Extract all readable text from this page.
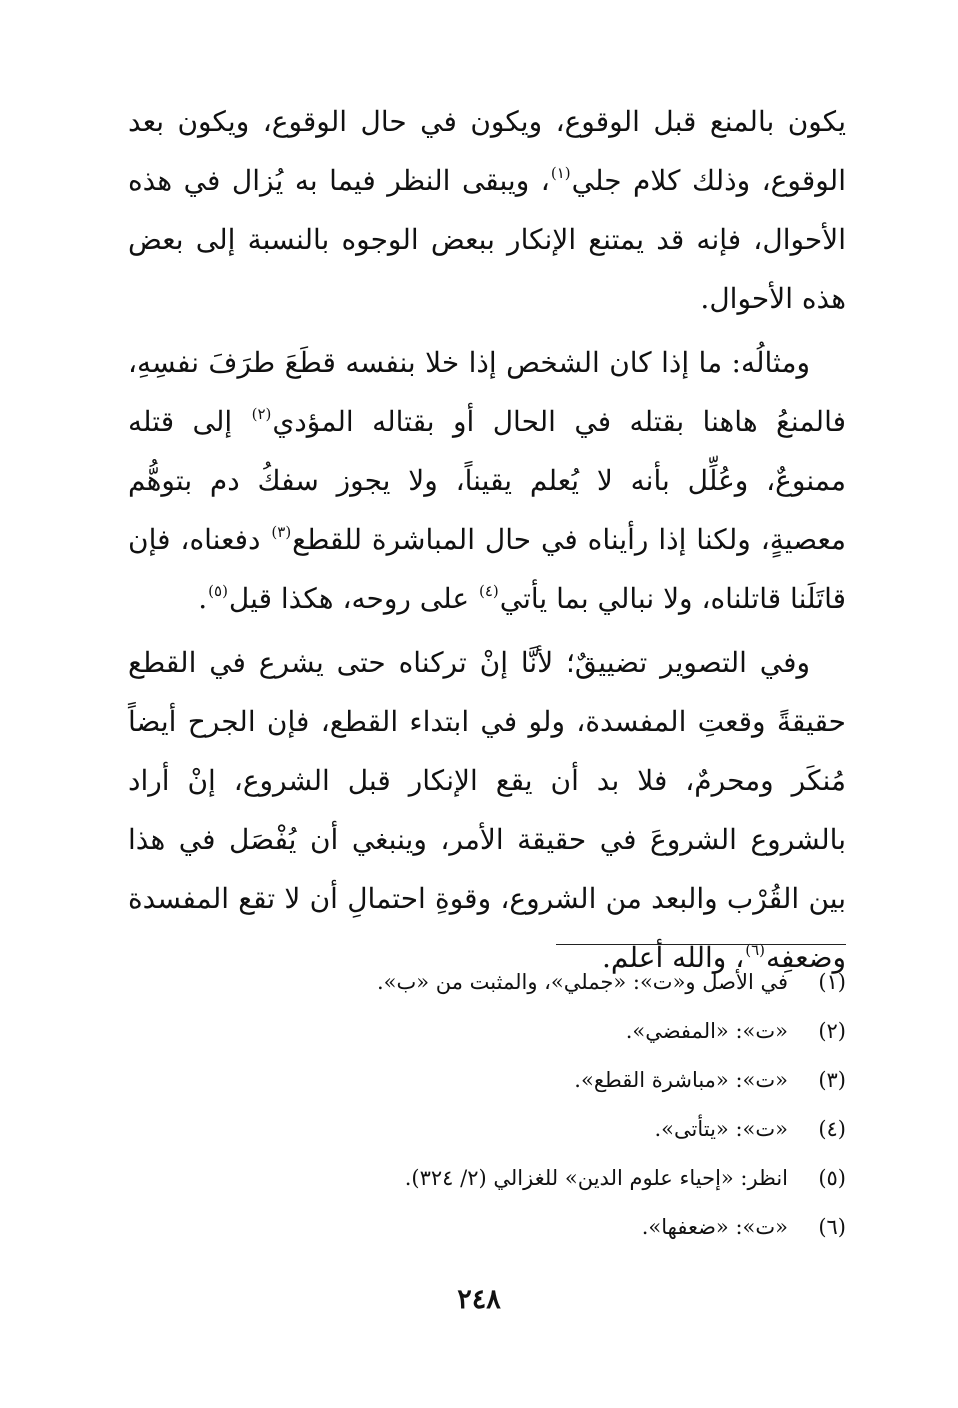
يكون بالمنع قبل الوقوع، ويكون في حال الوقوع، ويكون بعد الوقوع، وذلك كلام جلي$^{(١)}$، ويبقى النظر فيما به يُزال في هذه الأحوال، فإنه قد يمتنع الإنكار ببعض الوجوه بالنسبة إلى بعض هذه الأحوال.

ومثالُه: ما إذا كان الشخص إذا خلا بنفسه قطَعَ طرَفَ نفسِهِ، فالمنعُ هاهنا بقتله في الحال أو بقتاله المؤدي$^{(٢)}$ إلى قتله ممنوعٌ، وعُلِّل بأنه لا يُعلم يقيناً، ولا يجوز سفكُ دم بتوهُّم معصيةٍ، ولكنا إذا رأيناه في حال المباشرة للقطع$^{(٣)}$ دفعناه، فإن قاتَلَنا قاتلناه، ولا نبالي بما يأتي$^{(٤)}$ على روحه، هكذا قيل$^{(٥)}$.

وفي التصوير تضييقٌ؛ لأنَّا إنْ تركناه حتى يشرع في القطع حقيقةً وقعتِ المفسدة، ولو في ابتداء القطع، فإن الجرح أيضاً مُنكَر ومحرمٌ، فلا بد أن يقع الإنكار قبل الشروع، إنْ أراد بالشروع الشروعَ في حقيقة الأمر، وينبغي أن يُفْصَل في هذا بين القُرْب والبعد من الشروع، وقوةِ احتمالِ أن لا تقع المفسدة وضعفِه$^{(٦)}$، والله أعلم.

(١)في الأصل و«ت»: «جملي»، والمثبت من «ب».
(٢)«ت»: «المفضي».
(٣)«ت»: «مباشرة القطع».
(٤)«ت»: «يتأتى».
(٥)انظر: «إحياء علوم الدين» للغزالي (٢/ ٣٢٤).
(٦)«ت»: «ضعفها».
٢٤٨
